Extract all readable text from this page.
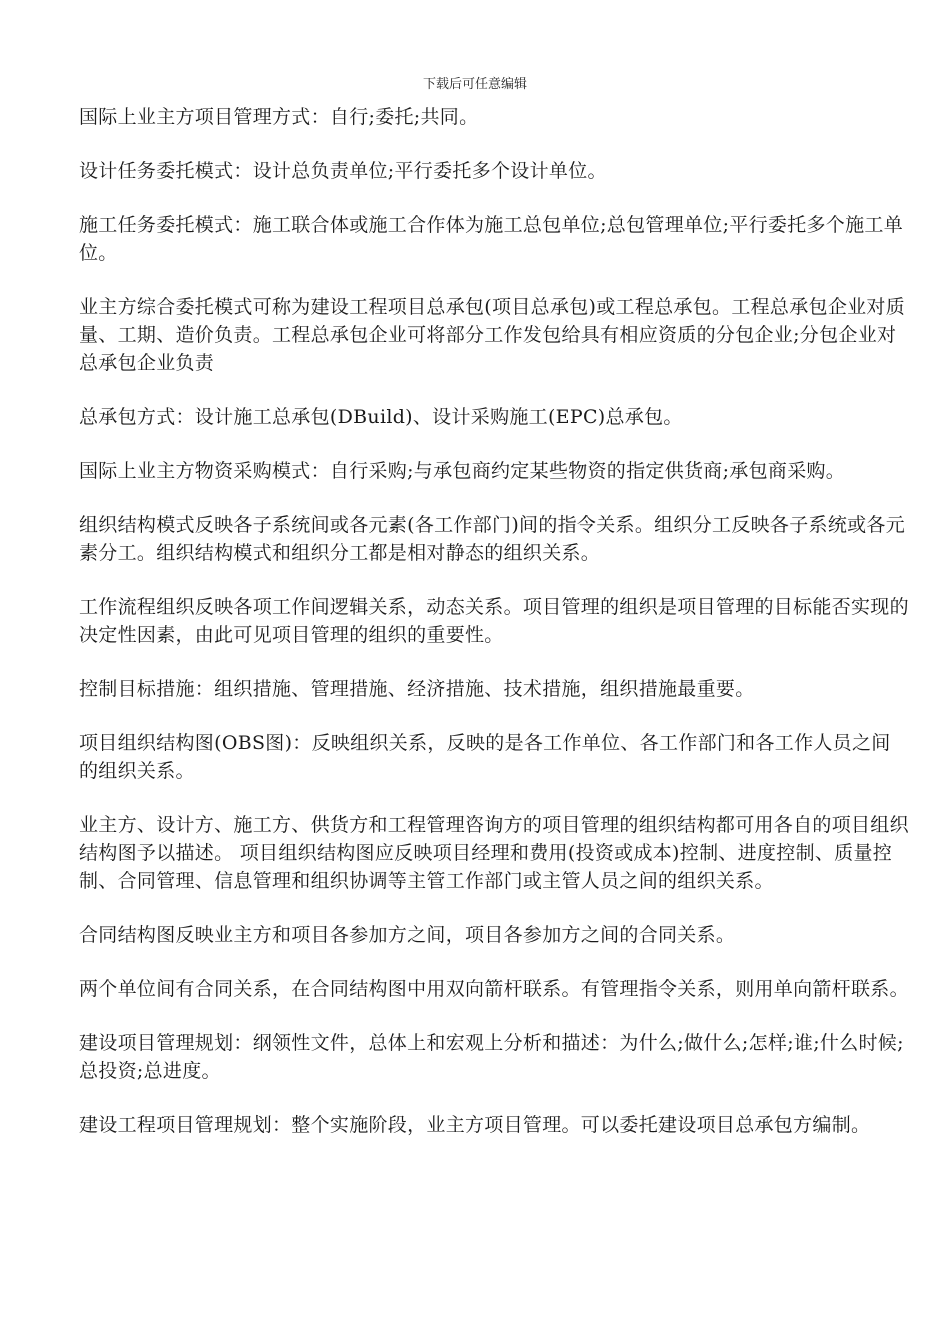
下载后可任意编辑

国际上业主方项目管理方式：自行;委托;共同。

设计任务委托模式：设计总负责单位;平行委托多个设计单位。

施工任务委托模式：施工联合体或施工合作体为施工总包单位;总包管理单位;平行委托多个施工单位。

业主方综合委托模式可称为建设工程项目总承包(项目总承包)或工程总承包。工程总承包企业对质量、工期、造价负责。工程总承包企业可将部分工作发包给具有相应资质的分包企业;分包企业对总承包企业负责

总承包方式：设计施工总承包(DBuild)、设计采购施工(EPC)总承包。

国际上业主方物资采购模式：自行采购;与承包商约定某些物资的指定供货商;承包商采购。

组织结构模式反映各子系统间或各元素(各工作部门)间的指令关系。组织分工反映各子系统或各元素分工。组织结构模式和组织分工都是相对静态的组织关系。

工作流程组织反映各项工作间逻辑关系，动态关系。项目管理的组织是项目管理的目标能否实现的决定性因素，由此可见项目管理的组织的重要性。

控制目标措施：组织措施、管理措施、经济措施、技术措施，组织措施最重要。

项目组织结构图(OBS图)：反映组织关系，反映的是各工作单位、各工作部门和各工作人员之间的组织关系。

业主方、设计方、施工方、供货方和工程管理咨询方的项目管理的组织结构都可用各自的项目组织结构图予以描述。 项目组织结构图应反映项目经理和费用(投资或成本)控制、进度控制、质量控制、合同管理、信息管理和组织协调等主管工作部门或主管人员之间的组织关系。

合同结构图反映业主方和项目各参加方之间，项目各参加方之间的合同关系。

两个单位间有合同关系，在合同结构图中用双向箭杆联系。有管理指令关系，则用单向箭杆联系。

建设项目管理规划：纲领性文件，总体上和宏观上分析和描述：为什么;做什么;怎样;谁;什么时候;总投资;总进度。

建设工程项目管理规划：整个实施阶段，业主方项目管理。可以委托建设项目总承包方编制。
